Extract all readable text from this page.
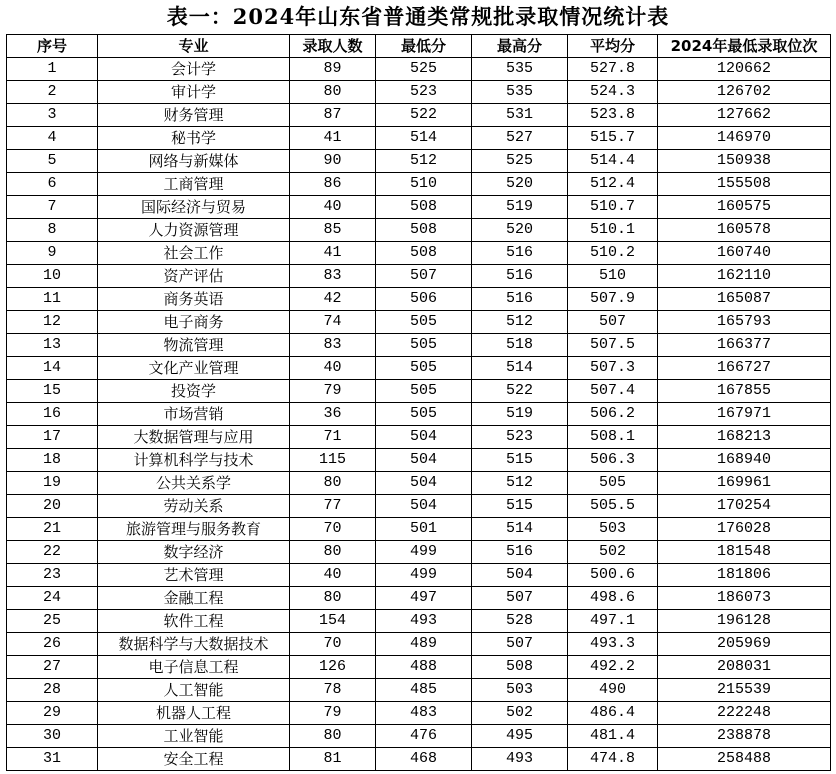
表一：2024年山东省普通类常规批录取情况统计表
序号	专业	录取人数	最低分	最高分	平均分	2024年最低录取位次
1	会计学	89	525	535	527.8	120662
2	审计学	80	523	535	524.3	126702
3	财务管理	87	522	531	523.8	127662
4	秘书学	41	514	527	515.7	146970
5	网络与新媒体	90	512	525	514.4	150938
6	工商管理	86	510	520	512.4	155508
7	国际经济与贸易	40	508	519	510.7	160575
8	人力资源管理	85	508	520	510.1	160578
9	社会工作	41	508	516	510.2	160740
10	资产评估	83	507	516	510	162110
11	商务英语	42	506	516	507.9	165087
12	电子商务	74	505	512	507	165793
13	物流管理	83	505	518	507.5	166377
14	文化产业管理	40	505	514	507.3	166727
15	投资学	79	505	522	507.4	167855
16	市场营销	36	505	519	506.2	167971
17	大数据管理与应用	71	504	523	508.1	168213
18	计算机科学与技术	115	504	515	506.3	168940
19	公共关系学	80	504	512	505	169961
20	劳动关系	77	504	515	505.5	170254
21	旅游管理与服务教育	70	501	514	503	176028
22	数字经济	80	499	516	502	181548
23	艺术管理	40	499	504	500.6	181806
24	金融工程	80	497	507	498.6	186073
25	软件工程	154	493	528	497.1	196128
26	数据科学与大数据技术	70	489	507	493.3	205969
27	电子信息工程	126	488	508	492.2	208031
28	人工智能	78	485	503	490	215539
29	机器人工程	79	483	502	486.4	222248
30	工业智能	80	476	495	481.4	238878
31	安全工程	81	468	493	474.8	258488
